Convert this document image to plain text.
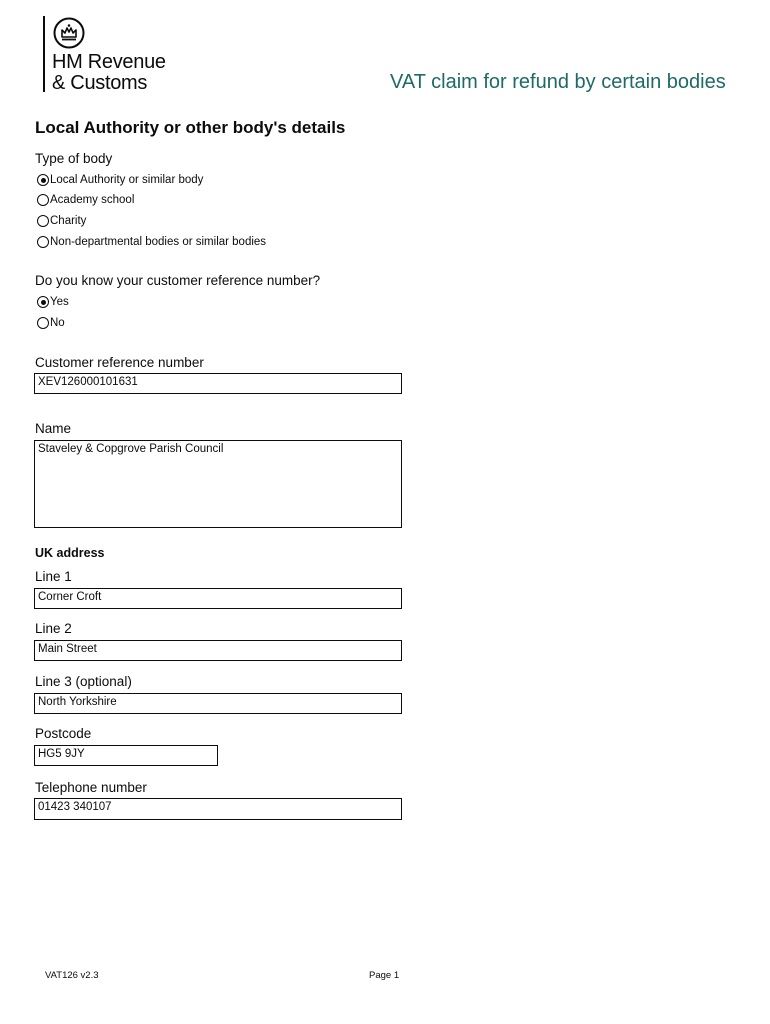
HM Revenue
& Customs	VAT claim for refund by certain bodies
Local Authority or other body's details
Type of body
Local Authority or similar body
Academy school
Charity
Non-departmental bodies or similar bodies
Do you know your customer reference number?
Yes
No
Customer reference number
XEV126000101631
Name
Staveley & Copgrove Parish Council
UK address
Line 1
Corner Croft
Line 2
Main Street
Line 3 (optional)
North Yorkshire
Postcode
HG5 9JY
Telephone number
01423 340107
VAT126 v2.3	Page 1
